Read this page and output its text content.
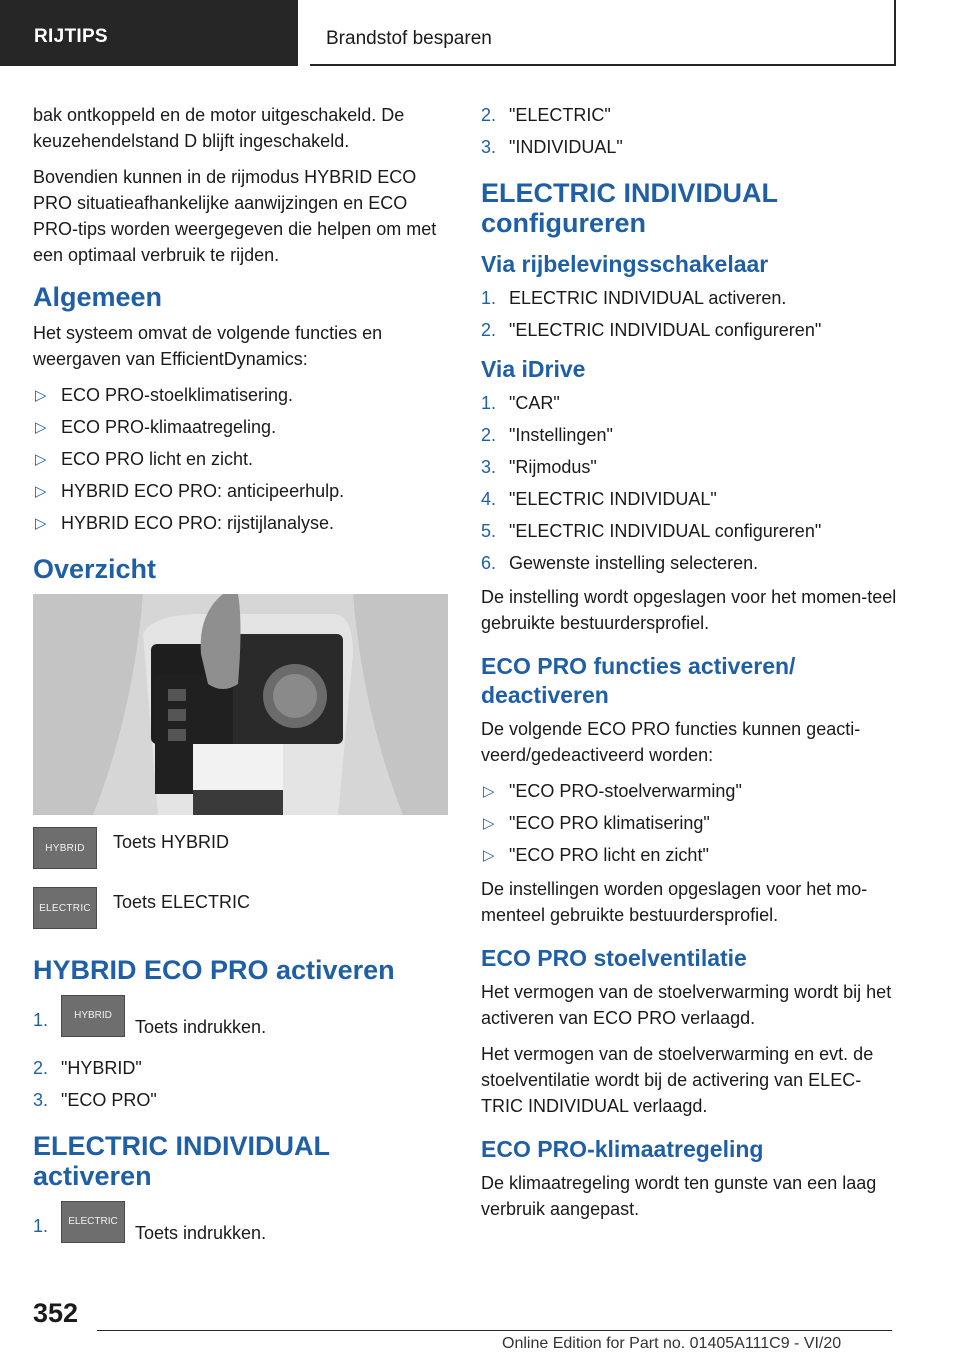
RIJTIPS	Brandstof besparen

bak ontkoppeld en de motor uitgeschakeld. De keuzehendelstand D blijft ingeschakeld.

Bovendien kunnen in de rijmodus HYBRID ECO PRO situatieafhankelijke aanwijzingen en ECO PRO-tips worden weergegeven die helpen om met een optimaal verbruik te rijden.

Algemeen

Het systeem omvat de volgende functies en weergaven van EfficientDynamics:

▷ ECO PRO-stoelklimatisering.
▷ ECO PRO-klimaatregeling.
▷ ECO PRO licht en zicht.
▷ HYBRID ECO PRO: anticipeerhulp.
▷ HYBRID ECO PRO: rijstijlanalyse.
Overzicht
HYBRID	Toets HYBRID
ELECTRIC	Toets ELECTRIC
HYBRID ECO PRO activeren
1.	HYBRIDToets indrukken.
2. "HYBRID"
3. "ECO PRO"
ELECTRIC INDIVIDUAL activeren
1. ELECTRICToets indrukken.
2. "ELECTRIC"
3. "INDIVIDUAL"
ELECTRIC INDIVIDUAL configureren
Via rijbelevingsschakelaar
1. ELECTRIC INDIVIDUAL activeren.
2. "ELECTRIC INDIVIDUAL configureren"
Via iDrive
1. "CAR"
2. "Instellingen"
3. "Rijmodus"
4. "ELECTRIC INDIVIDUAL"
5. "ELECTRIC INDIVIDUAL configureren"
6. Gewenste instelling selecteren.

De instelling wordt opgeslagen voor het momen-teel gebruikte bestuurdersprofiel.

ECO PRO functies activeren/ deactiveren

De volgende ECO PRO functies kunnen geacti-veerd/gedeactiveerd worden:

▷ "ECO PRO-stoelverwarming"
▷ "ECO PRO klimatisering"
▷ "ECO PRO licht en zicht"

De instellingen worden opgeslagen voor het mo-menteel gebruikte bestuurdersprofiel.

ECO PRO stoelventilatie

Het vermogen van de stoelverwarming wordt bij het activeren van ECO PRO verlaagd.

Het vermogen van de stoelverwarming en evt. de stoelventilatie wordt bij de activering van ELEC-TRIC INDIVIDUAL verlaagd.

ECO PRO-klimaatregeling

De klimaatregeling wordt ten gunste van een laag verbruik aangepast.

352
Online Edition for Part no. 01405A111C9 - VI/20
